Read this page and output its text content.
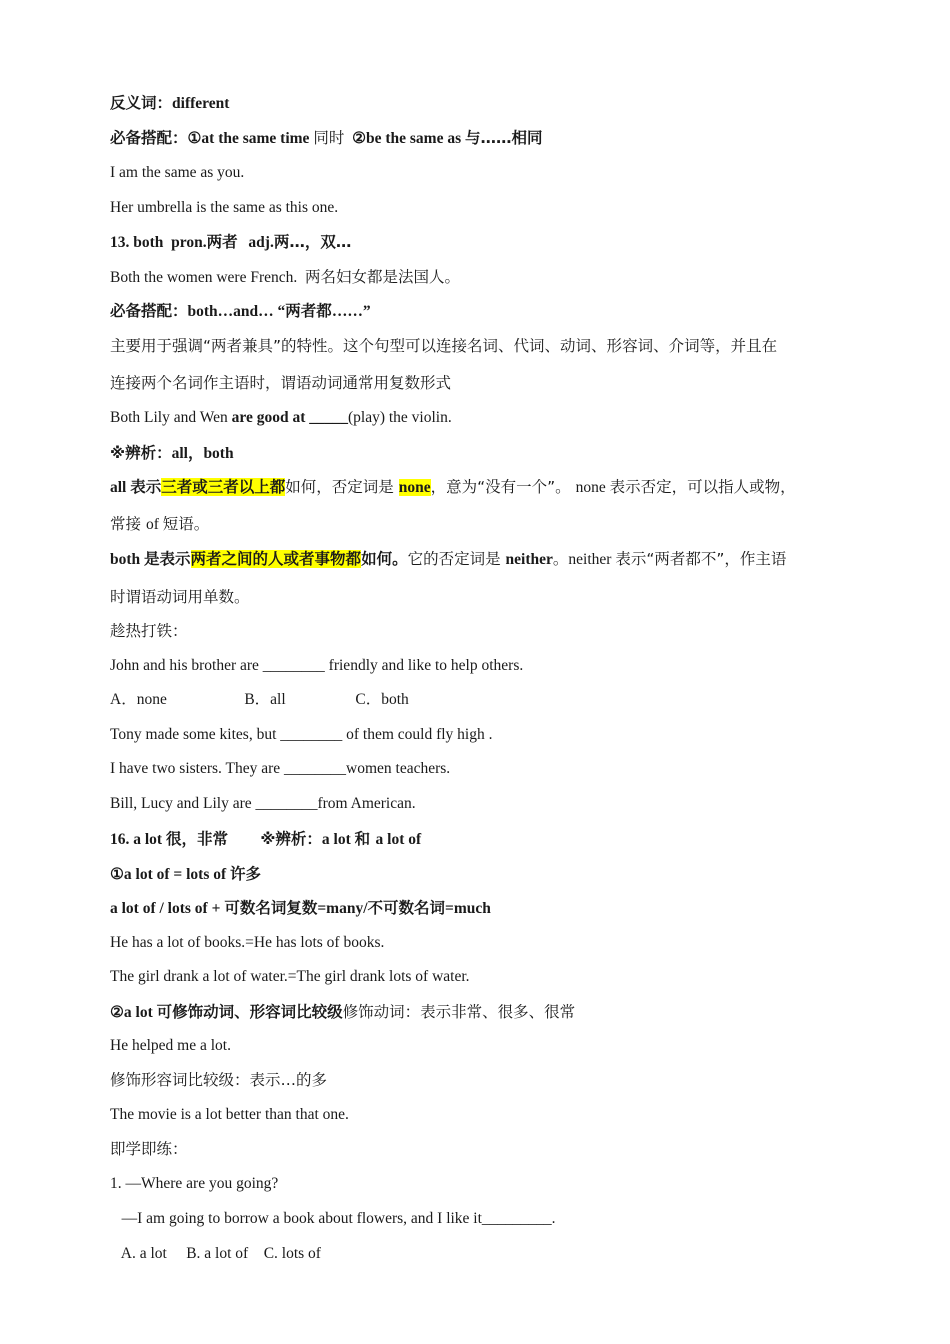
反义词：different
必备搭配：①at the same time 同时  ②be the same as 与……相同
I am the same as you.
Her umbrella is the same as this one.
13. both  pron.两者  adj.两…，双…
Both the women were French.  两名妇女都是法国人。
必备搭配：both…and… “两者都……”
主要用于强调“两者兼具”的特性。这个句型可以连接名词、代词、动词、形容词、介词等，并且在
连接两个名词作主语时，谓语动词通常用复数形式
Both Lily and Wen are good at _____(play) the violin.
※辨析：all，both
all 表示三者或三者以上都如何，否定词是 none，意为“没有一个”。 none 表示否定，可以指人或物，
常接 of 短语。
both 是表示两者之间的人或者事物都如何。它的否定词是 neither。neither 表示“两者都不”，作主语
时谓语动词用单数。
趁热打铁：
John and his brother are ________ friendly and like to help others.
A．none                    B．all                  C．both
Tony made some kites, but ________ of them could fly high .
I have two sisters. They are ________women teachers.
Bill, Lucy and Lily are ________from American.
16. a lot 很，非常      ※辨析：a lot 和 a lot of
①a lot of = lots of 许多
a lot of / lots of + 可数名词复数=many/不可数名词=much
He has a lot of books.=He has lots of books.
The girl drank a lot of water.=The girl drank lots of water.
②a lot 可修饰动词、形容词比较级修饰动词：表示非常、很多、很常
He helped me a lot.
修饰形容词比较级：表示…的多
The movie is a lot better than that one.
即学即练：
1. —Where are you going?
—I am going to borrow a book about flowers, and I like it_________.
A. a lot     B. a lot of    C. lots of
